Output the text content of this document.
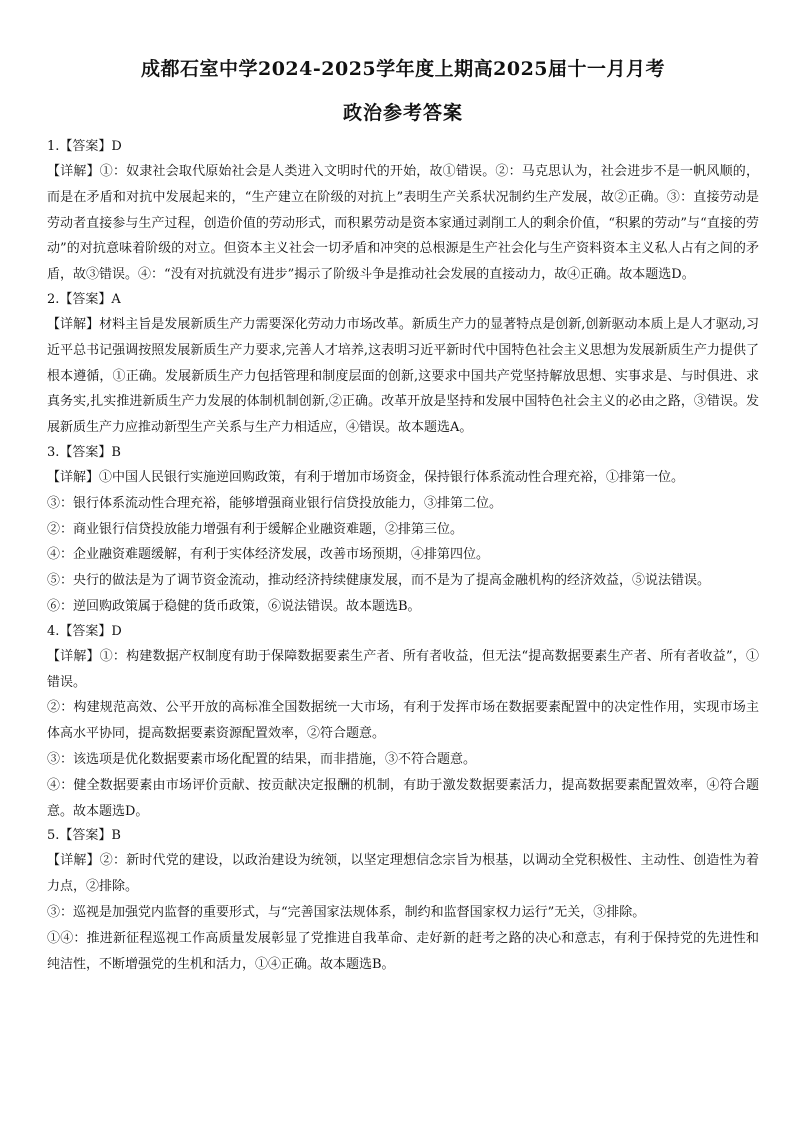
成都石室中学2024-2025学年度上期高2025届十一月月考
政治参考答案

1.【答案】D

【详解】①：奴隶社会取代原始社会是人类进入文明时代的开始，故①错误。②：马克思认为，社会进步不是一帆风顺的，而是在矛盾和对抗中发展起来的，“生产建立在阶级的对抗上”表明生产关系状况制约生产发展，故②正确。③：直接劳动是劳动者直接参与生产过程，创造价值的劳动形式，而积累劳动是资本家通过剥削工人的剩余价值，“积累的劳动”与“直接的劳动”的对抗意味着阶级的对立。但资本主义社会一切矛盾和冲突的总根源是生产社会化与生产资料资本主义私人占有之间的矛盾，故③错误。④：“没有对抗就没有进步”揭示了阶级斗争是推动社会发展的直接动力，故④正确。故本题选D。

2.【答案】A

【详解】材料主旨是发展新质生产力需要深化劳动力市场改革。新质生产力的显著特点是创新,创新驱动本质上是人才驱动,习近平总书记强调按照发展新质生产力要求,完善人才培养,这表明习近平新时代中国特色社会主义思想为发展新质生产力提供了根本遵循，①正确。发展新质生产力包括管理和制度层面的创新,这要求中国共产党坚持解放思想、实事求是、与时俱进、求真务实,扎实推进新质生产力发展的体制机制创新,②正确。改革开放是坚持和发展中国特色社会主义的必由之路，③错误。发展新质生产力应推动新型生产关系与生产力相适应，④错误。故本题选A。

3.【答案】B

【详解】①中国人民银行实施逆回购政策，有利于增加市场资金，保持银行体系流动性合理充裕，①排第一位。

③：银行体系流动性合理充裕，能够增强商业银行信贷投放能力，③排第二位。

②：商业银行信贷投放能力增强有利于缓解企业融资难题，②排第三位。

④：企业融资难题缓解，有利于实体经济发展，改善市场预期，④排第四位。

⑤：央行的做法是为了调节资金流动，推动经济持续健康发展，而不是为了提高金融机构的经济效益，⑤说法错误。

⑥：逆回购政策属于稳健的货币政策，⑥说法错误。故本题选B。

4.【答案】D

【详解】①：构建数据产权制度有助于保障数据要素生产者、所有者收益，但无法“提高数据要素生产者、所有者收益”，①错误。

②：构建规范高效、公平开放的高标准全国数据统一大市场，有利于发挥市场在数据要素配置中的决定性作用，实现市场主体高水平协同，提高数据要素资源配置效率，②符合题意。

③：该选项是优化数据要素市场化配置的结果，而非措施，③不符合题意。

④：健全数据要素由市场评价贡献、按贡献决定报酬的机制，有助于激发数据要素活力，提高数据要素配置效率，④符合题意。故本题选D。

5.【答案】B

【详解】②：新时代党的建设，以政治建设为统领，以坚定理想信念宗旨为根基，以调动全党积极性、主动性、创造性为着力点，②排除。

③：巡视是加强党内监督的重要形式，与“完善国家法规体系，制约和监督国家权力运行”无关，③排除。

①④：推进新征程巡视工作高质量发展彰显了党推进自我革命、走好新的赶考之路的决心和意志，有利于保持党的先进性和纯洁性，不断增强党的生机和活力，①④正确。故本题选B。
